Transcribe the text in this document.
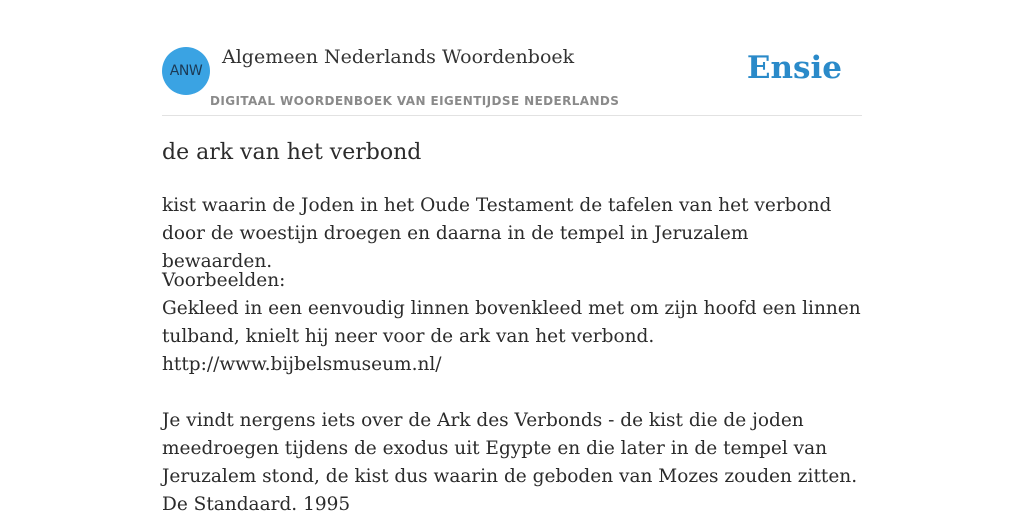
ANW
Algemeen Nederlands Woordenboek
DIGITAAL WOORDENBOEK VAN EIGENTIJDSE NEDERLANDS
Ensie
de ark van het verbond
kist waarin de Joden in het Oude Testament de tafelen van het verbond door de woestijn droegen en daarna in de tempel in Jeruzalem bewaarden.

Voorbeelden:

Gekleed in een eenvoudig linnen bovenkleed met om zijn hoofd een linnen tulband, knielt hij neer voor de ark van het verbond.

http://www.bijbelsmuseum.nl/

Je vindt nergens iets over de Ark des Verbonds - de kist die de joden meedroegen tijdens de exodus uit Egypte en die later in de tempel van Jeruzalem stond, de kist dus waarin de geboden van Mozes zouden zitten.

De Standaard. 1995
